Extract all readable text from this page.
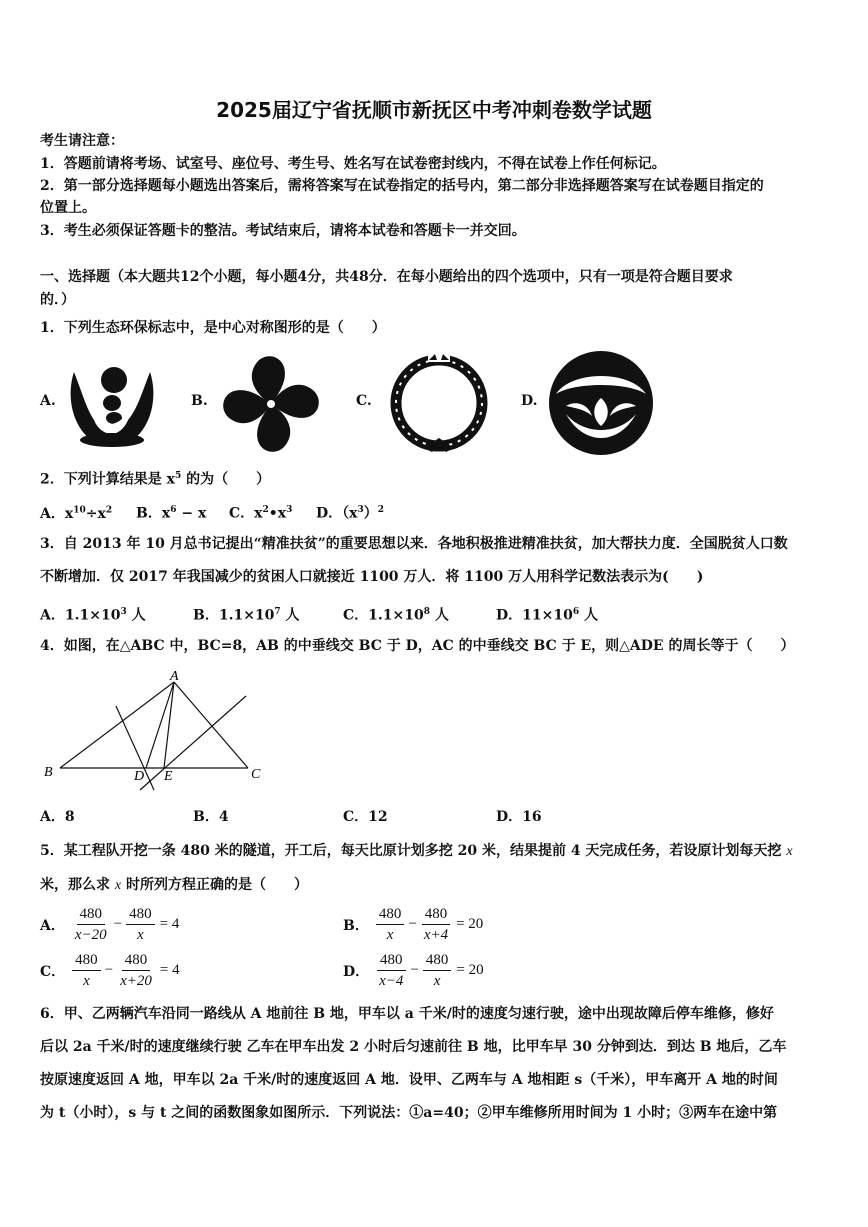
2025届辽宁省抚顺市新抚区中考冲刺卷数学试题
考生请注意：
1．答题前请将考场、试室号、座位号、考生号、姓名写在试卷密封线内，不得在试卷上作任何标记。
2．第一部分选择题每小题选出答案后，需将答案写在试卷指定的括号内，第二部分非选择题答案写在试卷题目指定的
位置上。
3．考生必须保证答题卡的整洁。考试结束后，请将本试卷和答题卡一并交回。
一、选择题（本大题共12个小题，每小题4分，共48分．在每小题给出的四个选项中，只有一项是符合题目要求
的．）
1．下列生态环保标志中，是中心对称图形的是（　　）
A.	B.	C.	D.
2．下列计算结果是 $x^5$ 的为（　　）
A．$x^{10}\div x^2$ B．$x^6 - x$ C．$x^2•x^3$ D．$(x^3)^2$
3．自 2013 年 10 月总书记提出“精准扶贫”的重要思想以来．各地积极推进精准扶贫，加大帮扶力度．全国脱贫人口数
不断增加．仅 2017 年我国减少的贫困人口就接近 1100 万人．将 1100 万人用科学记数法表示为(　　)
A．$1.1\times 10^3$ 人	B．$1.1\times 10^7$ 人	C．$1.1\times 10^8$ 人	D．$11\times 10^6$ 人
4．如图，在△ABC 中，BC=8，AB 的中垂线交 BC 于 D，AC 的中垂线交 BC 于 E，则△ADE 的周长等于（　　）
A
B	C
D E
A．8	B．4	C．12	D．16
5．某工程队开挖一条 480 米的隧道，开工后，每天比原计划多挖 20 米，结果提前 4 天完成任务，若设原计划每天挖 x
米，那么求 x 时所列方程正确的是（　　）
A． $\frac{480}{x-20} - \frac{480}{x} = 4$	B． $\frac{480}{x} - \frac{480}{x+4} = 20$
C． $\frac{480}{x} - \frac{480}{x+20} = 4$	D． $\frac{480}{x-4} - \frac{480}{x} = 20$
6．甲、乙两辆汽车沿同一路线从 A 地前往 B 地，甲车以 a 千米/时的速度匀速行驶，途中出现故障后停车维修，修好
后以 2a 千米/时的速度继续行驶 乙车在甲车出发 2 小时后匀速前往 B 地，比甲车早 30 分钟到达．到达 B 地后，乙车
按原速度返回 A 地，甲车以 2a 千米/时的速度返回 A 地．设甲、乙两车与 A 地相距 s（千米），甲车离开 A 地的时间
为 t（小时），s 与 t 之间的函数图象如图所示．下列说法：①a=40；②甲车维修所用时间为 1 小时；③两车在途中第
